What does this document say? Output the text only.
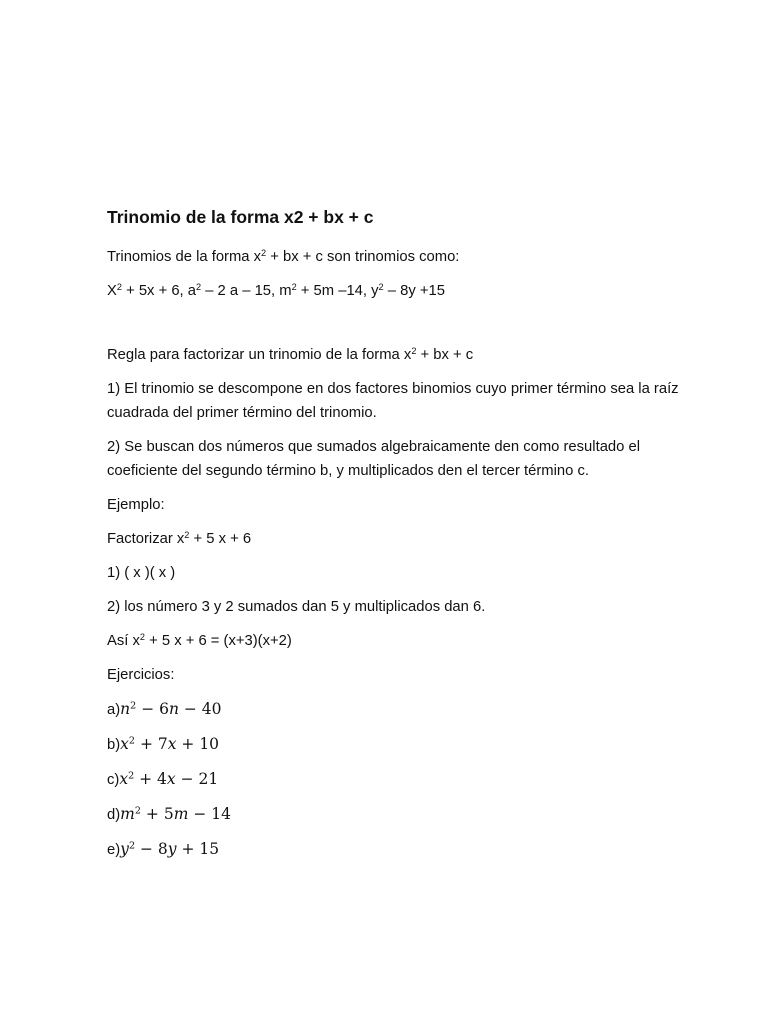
Trinomio de la forma x2 + bx + c

Trinomios de la forma $x^2$ + bx + c son trinomios como:

$X^2 + 5x + 6$, $a^2 - 2$ a – 15, $m^2 + 5m$ –14, $y^2 - 8y +15$

Regla para factorizar un trinomio de la forma $x^2$ + bx + c

1) El trinomio se descompone en dos factores binomios cuyo primer término sea la raíz cuadrada del primer término del trinomio.

2) Se buscan dos números que sumados algebraicamente den como resultado el coeficiente del segundo término b, y multiplicados den el tercer término c.

Ejemplo:

Factorizar $x^2 + 5$ x + 6

1) ( x )( x )

2) los número 3 y 2 sumados dan 5 y multiplicados dan 6.

Así $x^2 + 5$ x + 6 = (x+3)(x+2)

Ejercicios:

$a)n^2 - 6n - 40$

$b)x^2 + 7x + 10$

$c)x^2 + 4x - 21$

$d)m^2 + 5m - 14$

$e)y^2 - 8y + 15$
